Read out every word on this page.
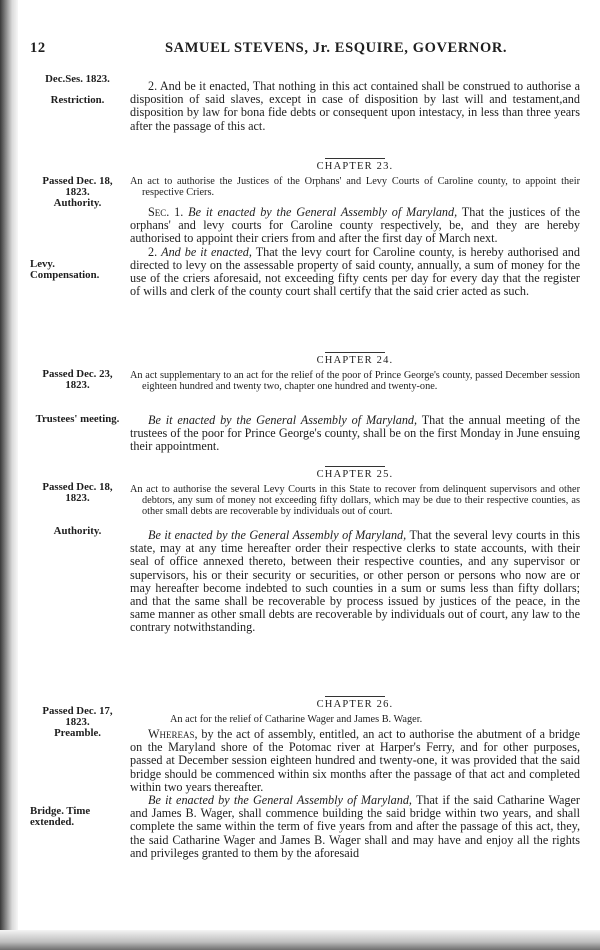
12	SAMUEL STEVENS, Jr. ESQUIRE, GOVERNOR.
Dec.Ses. 1823.
Restriction.

2. And be it enacted, That nothing in this act contained shall be construed to authorise a disposition of said slaves, except in case of disposition by last will and testament,and disposition by law for bona fide debts or consequent upon intestacy, in less than three years after the passage of this act.

CHAPTER 23.
Passed Dec. 18, 1823.
Authority.

An act to authorise the Justices of the Orphans' and Levy Courts of Caroline county, to appoint their respective Criers.

Sec. 1. Be it enacted by the General Assembly of Maryland, That the justices of the orphans' and levy courts for Caroline county respectively, be, and they are hereby authorised to appoint their criers from and after the first day of March next.

2. And be it enacted, That the levy court for Caroline county, is hereby authorised and directed to levy on the assessable property of said county, annually, a sum of money for the use of the criers aforesaid, not exceeding fifty cents per day for every day that the register of wills and clerk of the county court shall certify that the said crier acted as such.

Levy. Compensation.
CHAPTER 24.
Passed Dec. 23, 1823.

An act supplementary to an act for the relief of the poor of Prince George's county, passed December session eighteen hundred and twenty two, chapter one hundred and twenty-one.

Trustees' meeting.	Be it enacted by the General Assembly of Maryland, That the annual meeting of the trustees of the poor for Prince George's county, shall be on the first Monday in June ensuing their appointment.

CHAPTER 25.
Passed Dec. 18, 1823.

An act to authorise the several Levy Courts in this State to recover from delinquent supervisors and other debtors, any sum of money not exceeding fifty dollars, which may be due to their respective counties, as other small debts are recoverable by individuals out of court.

Authority.	Be it enacted by the General Assembly of Maryland, That the several levy courts in this state, may at any time hereafter order their respective clerks to state accounts, with their seal of office annexed thereto, between their respective counties, and any supervisor or supervisors, his or their security or securities, or other person or persons who now are or may hereafter become indebted to such counties in a sum or sums less than fifty dollars; and that the same shall be recoverable by process issued by justices of the peace, in the same manner as other small debts are recoverable by individuals out of court, any law to the contrary notwithstanding.

CHAPTER 26.
Passed Dec. 17, 1823.
Preamble.

An act for the relief of Catharine Wager and James B. Wager.

Whereas, by the act of assembly, entitled, an act to authorise the abutment of a bridge on the Maryland shore of the Potomac river at Harper's Ferry, and for other purposes, passed at December session eighteen hundred and twenty-one, it was provided that the said bridge should be commenced within six months after the passage of that act and completed within two years thereafter.

Be it enacted by the General Assembly of Maryland, That if the said Catharine Wager and James B. Wager, shall commence building the said bridge within two years, and shall complete the same within the term of five years from and after the passage of this act, they, the said Catharine Wager and James B. Wager shall and may have and enjoy all the rights and privileges granted to them by the aforesaid

Bridge. Time extended.
